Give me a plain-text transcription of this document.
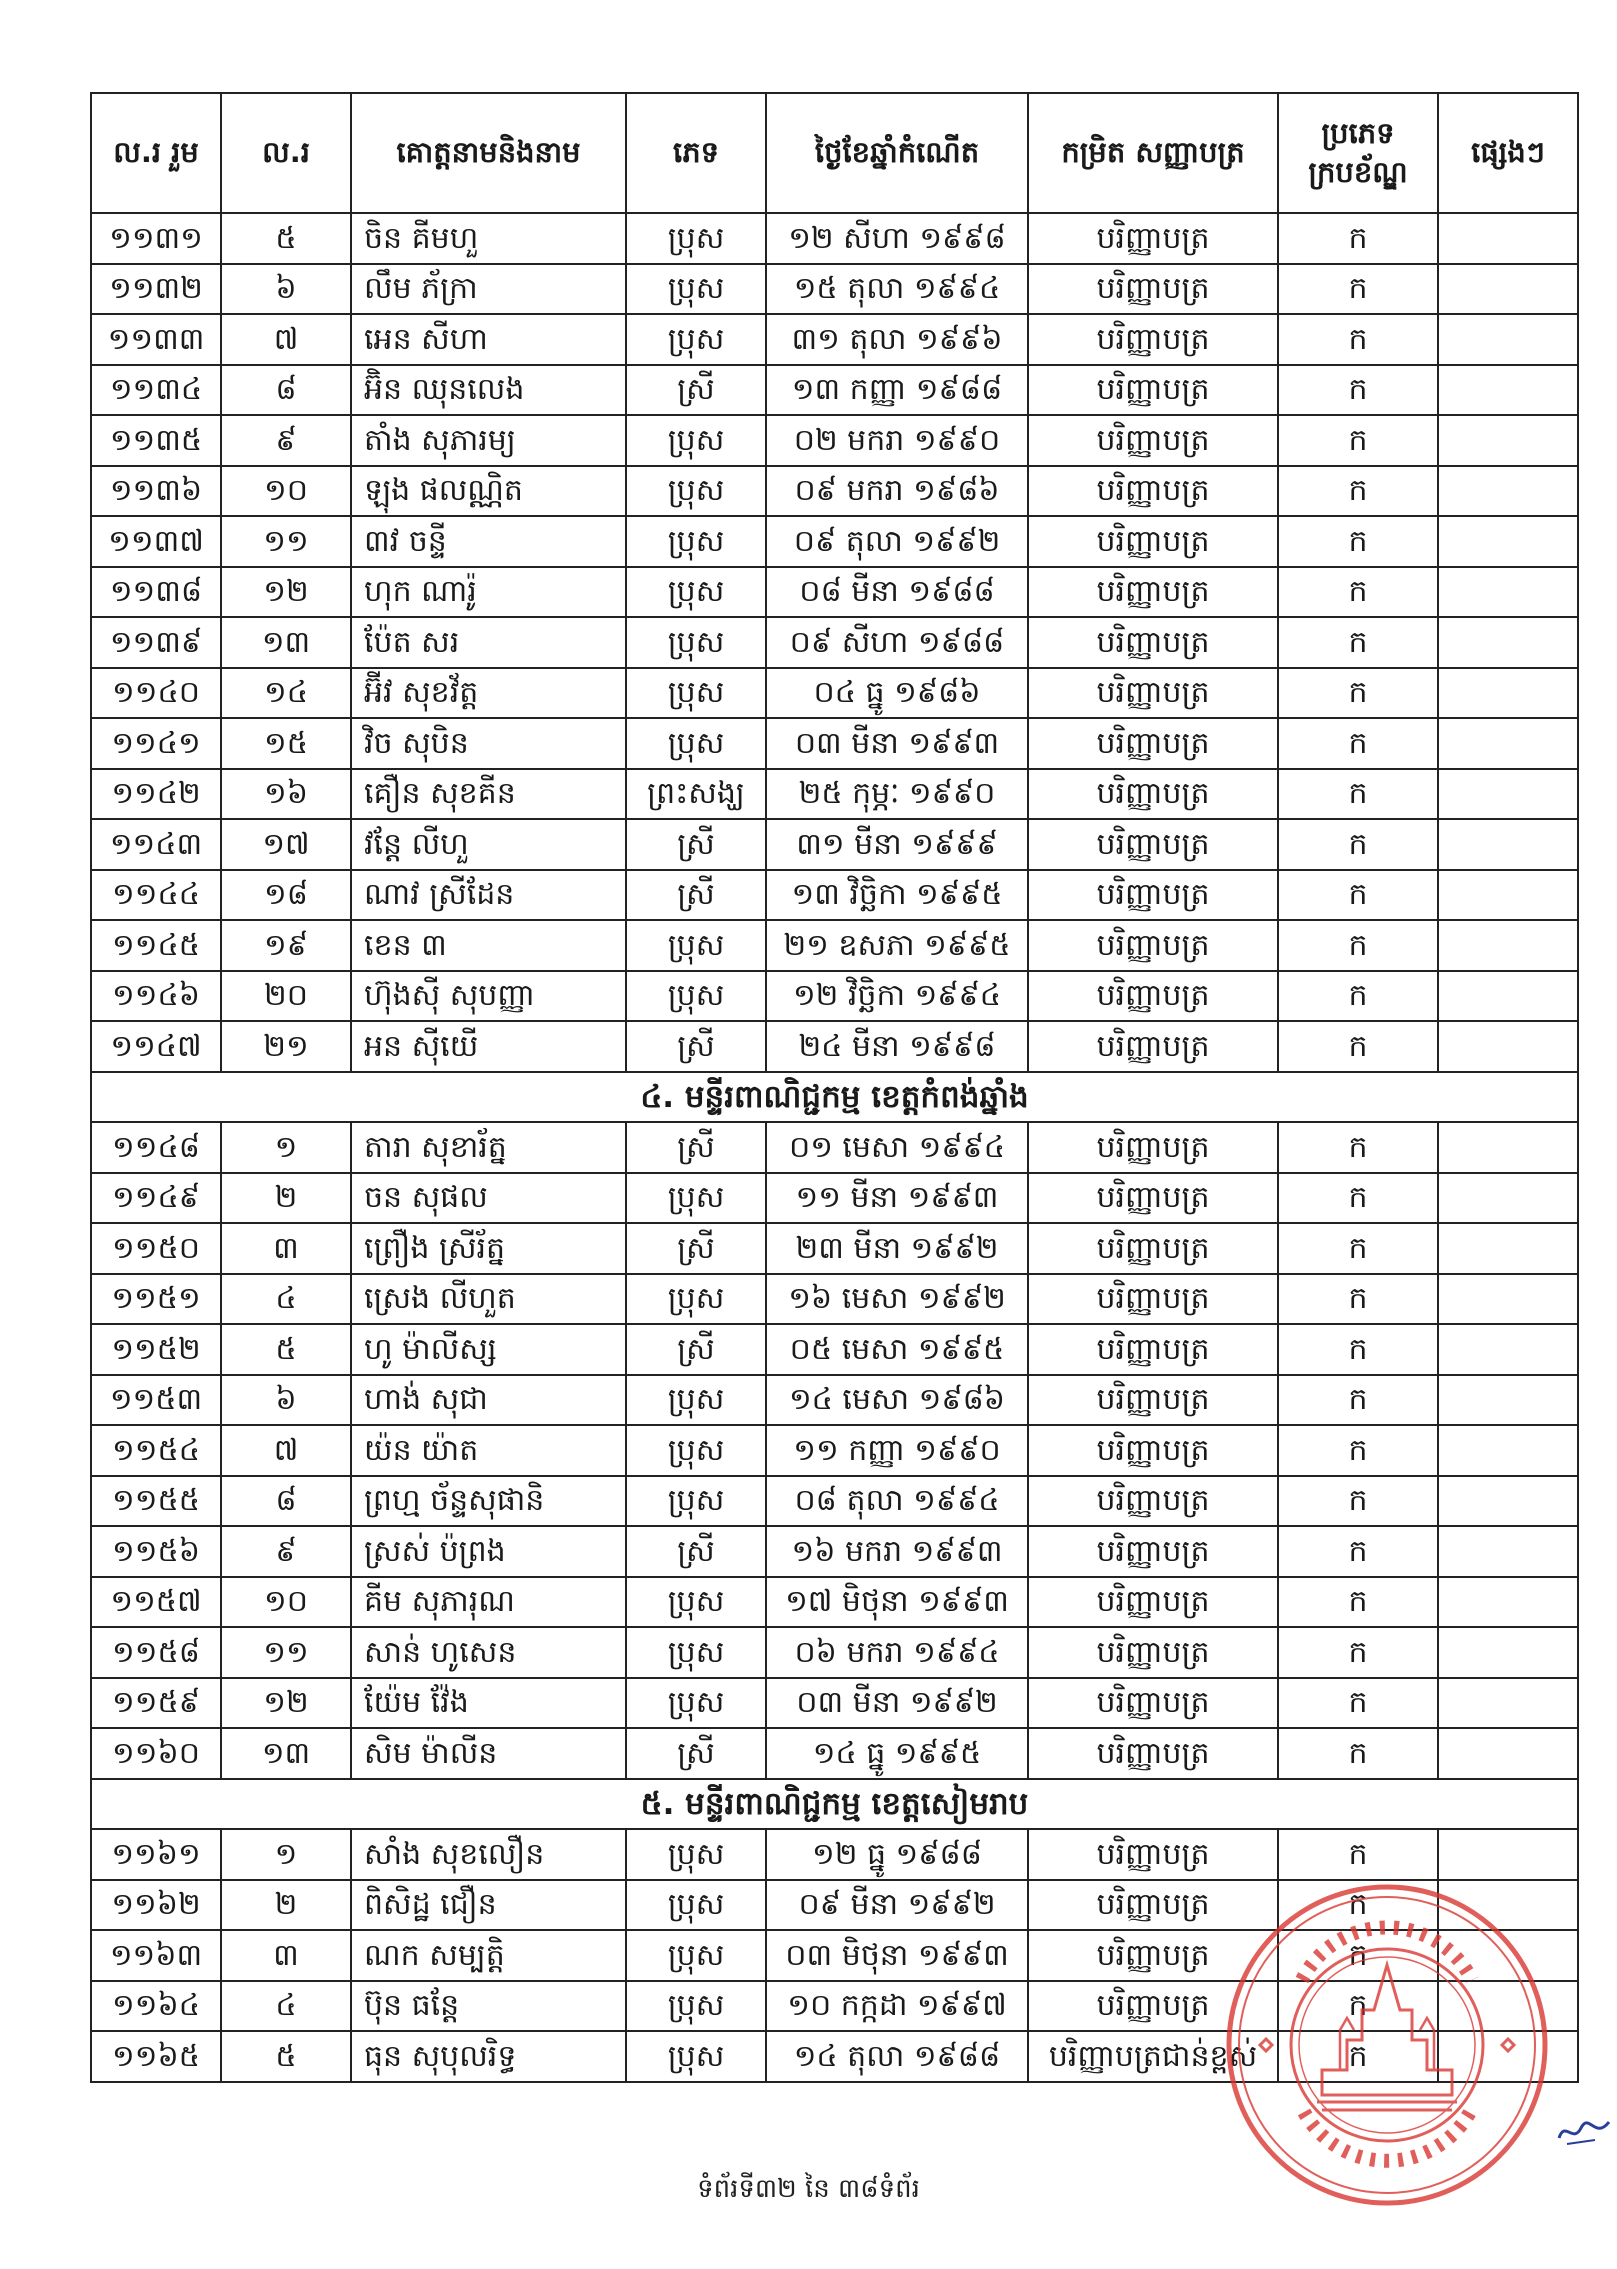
ល.រ រួម	ល.រ	គោត្តនាមនិងនាម	ភេទ	ថ្ងៃខែឆ្នាំកំណើត	កម្រិត សញ្ញាបត្រ	ប្រភេទ ក្របខ័ណ្ឌ	ផ្សេងៗ
១១៣១	៥	ចិន គីមហួ	ប្រុស	១២ សីហា ១៩៩៨	បរិញ្ញាបត្រ	ក	
១១៣២	៦	លឹម ភ័ក្រា	ប្រុស	១៥ តុលា ១៩៩៤	បរិញ្ញាបត្រ	ក	
១១៣៣	៧	អេន សីហា	ប្រុស	៣១ តុលា ១៩៩៦	បរិញ្ញាបត្រ	ក	
១១៣៤	៨	អ៊ិន ឈុនលេង	ស្រី	១៣ កញ្ញា ១៩៨៨	បរិញ្ញាបត្រ	ក	
១១៣៥	៩	តាំង សុភារម្យ	ប្រុស	០២ មករា ១៩៩០	បរិញ្ញាបត្រ	ក	
១១៣៦	១០	ឡុង ផលណ្ណិត	ប្រុស	០៩ មករា ១៩៨៦	បរិញ្ញាបត្រ	ក	
១១៣៧	១១	៣វ ចន្ទី	ប្រុស	០៩ តុលា ១៩៩២	បរិញ្ញាបត្រ	ក	
១១៣៨	១២	ហុក ណារ៉ូ	ប្រុស	០៨ មីនា ១៩៨៨	បរិញ្ញាបត្រ	ក	
១១៣៩	១៣	ប៉ែត សរ	ប្រុស	០៩ សីហា ១៩៨៨	បរិញ្ញាបត្រ	ក	
១១៤០	១៤	អ៊ីវ សុខវ័ត្ត	ប្រុស	០៤ ធ្នូ ១៩៨៦	បរិញ្ញាបត្រ	ក	
១១៤១	១៥	វិច សុបិន	ប្រុស	០៣ មីនា ១៩៩៣	បរិញ្ញាបត្រ	ក	
១១៤២	១៦	គឿន សុខគីន	ព្រះសង្ឃ	២៥ កុម្ភៈ ១៩៩០	បរិញ្ញាបត្រ	ក	
១១៤៣	១៧	វន្តែ លីហួ	ស្រី	៣១ មីនា ១៩៩៩	បរិញ្ញាបត្រ	ក	
១១៤៤	១៨	ណាវ ស្រីដែន	ស្រី	១៣ វិច្ឆិកា ១៩៩៥	បរិញ្ញាបត្រ	ក	
១១៤៥	១៩	ខេន ៣	ប្រុស	២១ ឧសភា ១៩៩៥	បរិញ្ញាបត្រ	ក	
១១៤៦	២០	ហ៊ុងស៊ី សុបញ្ញា	ប្រុស	១២ វិច្ឆិកា ១៩៩៤	បរិញ្ញាបត្រ	ក	
១១៤៧	២១	អន ស៊ីយើ	ស្រី	២៤ មីនា ១៩៩៨	បរិញ្ញាបត្រ	ក	
៤. មន្ទីរពាណិជ្ជកម្ម ខេត្តកំពង់ឆ្នាំង							
១១៤៨	១	តារា សុខារ័ត្ន	ស្រី	០១ មេសា ១៩៩៤	បរិញ្ញាបត្រ	ក	
១១៤៩	២	ចន សុផល	ប្រុស	១១ មីនា ១៩៩៣	បរិញ្ញាបត្រ	ក	
១១៥០	៣	ព្រឿង ស្រីរ័ត្ន	ស្រី	២៣ មីនា ១៩៩២	បរិញ្ញាបត្រ	ក	
១១៥១	៤	ស្រេង លីហួត	ប្រុស	១៦ មេសា ១៩៩២	បរិញ្ញាបត្រ	ក	
១១៥២	៥	ហូ ម៉ាលីស្ស	ស្រី	០៥ មេសា ១៩៩៥	បរិញ្ញាបត្រ	ក	
១១៥៣	៦	ហាង់ សុជា	ប្រុស	១៤ មេសា ១៩៨៦	បរិញ្ញាបត្រ	ក	
១១៥៤	៧	យ៉ន យ៉ាត	ប្រុស	១១ កញ្ញា ១៩៩០	បរិញ្ញាបត្រ	ក	
១១៥៥	៨	ព្រហ្ម ច័ន្ទសុផានិ	ប្រុស	០៨ តុលា ១៩៩៤	បរិញ្ញាបត្រ	ក	
១១៥៦	៩	ស្រស់ ប៉ព្រង	ស្រី	១៦ មករា ១៩៩៣	បរិញ្ញាបត្រ	ក	
១១៥៧	១០	គីម សុភារុណ	ប្រុស	១៧ មិថុនា ១៩៩៣	បរិញ្ញាបត្រ	ក	
១១៥៨	១១	សាន់ ហូសេន	ប្រុស	០៦ មករា ១៩៩៤	បរិញ្ញាបត្រ	ក	
១១៥៩	១២	យ៉ែម វ៉ែង	ប្រុស	០៣ មីនា ១៩៩២	បរិញ្ញាបត្រ	ក	
១១៦០	១៣	សិម ម៉ាលីន	ស្រី	១៤ ធ្នូ ១៩៩៥	បរិញ្ញាបត្រ	ក	
៥. មន្ទីរពាណិជ្ជកម្ម ខេត្តសៀមរាប							
១១៦១	១	សាំង សុខលឿន	ប្រុស	១២ ធ្នូ ១៩៨៨	បរិញ្ញាបត្រ	ក	
១១៦២	២	ពិសិដ្ឋ ជឿន	ប្រុស	០៩ មីនា ១៩៩២	បរិញ្ញាបត្រ	ក	
១១៦៣	៣	ណក សម្បត្តិ	ប្រុស	០៣ មិថុនា ១៩៩៣	បរិញ្ញាបត្រ	ក	
១១៦៤	៤	ប៊ុន ធន្តែ	ប្រុស	១០ កក្កដា ១៩៩៧	បរិញ្ញាបត្រ	ក	
១១៦៥	៥	ធុន សុបុលរិទ្ធ	ប្រុស	១៤ តុលា ១៩៨៨	បរិញ្ញាបត្រជាន់ខ្ពស់	ក	
ទំព័រទី៣២ នៃ ៣៨ទំព័រ
